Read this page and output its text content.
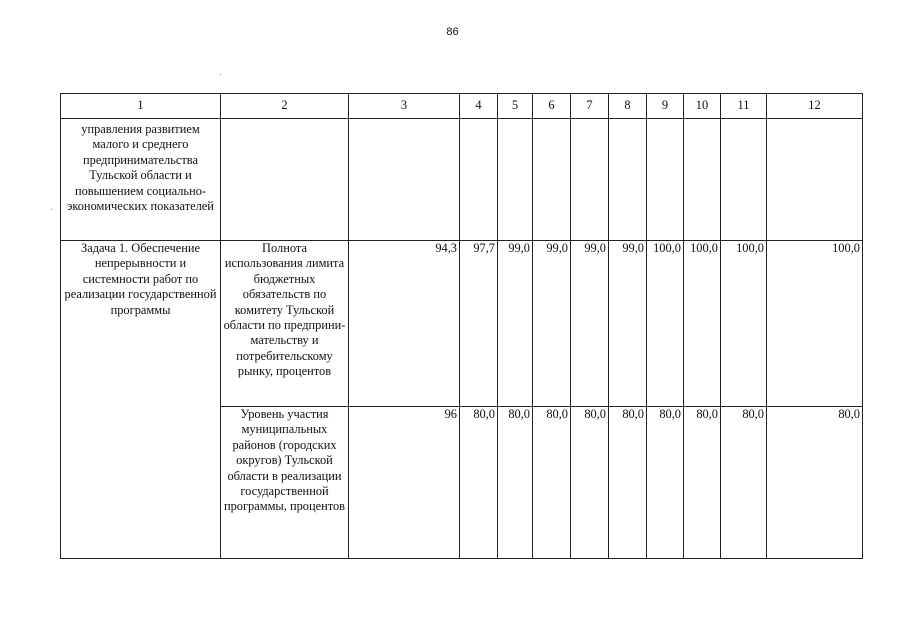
86
1	2	3	4	5	6	7	8	9	10	11	12
управления развитием малого и среднего предпринимательства Тульской области и повышением социально-экономических показателей											
Задача 1. Обеспечение непрерывности и системности работ по реализации государственной программы	Полнота использования лимита бюджетных обязательств по комитету Тульской области по предприни-мательству и потребительскому рынку, процентов	94,3	97,7	99,0	99,0	99,0	99,0	100,0	100,0	100,0	100,0
	Уровень участия муниципальных районов (городских округов) Тульской области в реализации государственной программы, процентов	96	80,0	80,0	80,0	80,0	80,0	80,0	80,0	80,0	80,0
